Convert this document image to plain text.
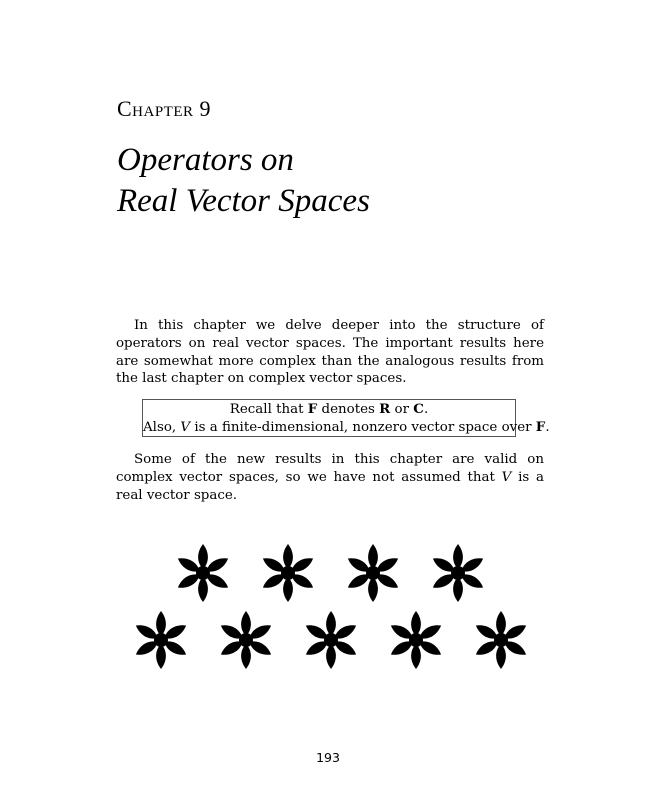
Chapter 9
Operators on
Real Vector Spaces

In this chapter we delve deeper into the structure of operators on real vector spaces. The important results here are somewhat more complex than the analogous results from the last chapter on complex vector spaces.

Recall that F denotes R or C.
Also, V is a finite-dimensional, nonzero vector space over F.

Some of the new results in this chapter are valid on complex vector spaces, so we have not assumed that V is a real vector space.

193
